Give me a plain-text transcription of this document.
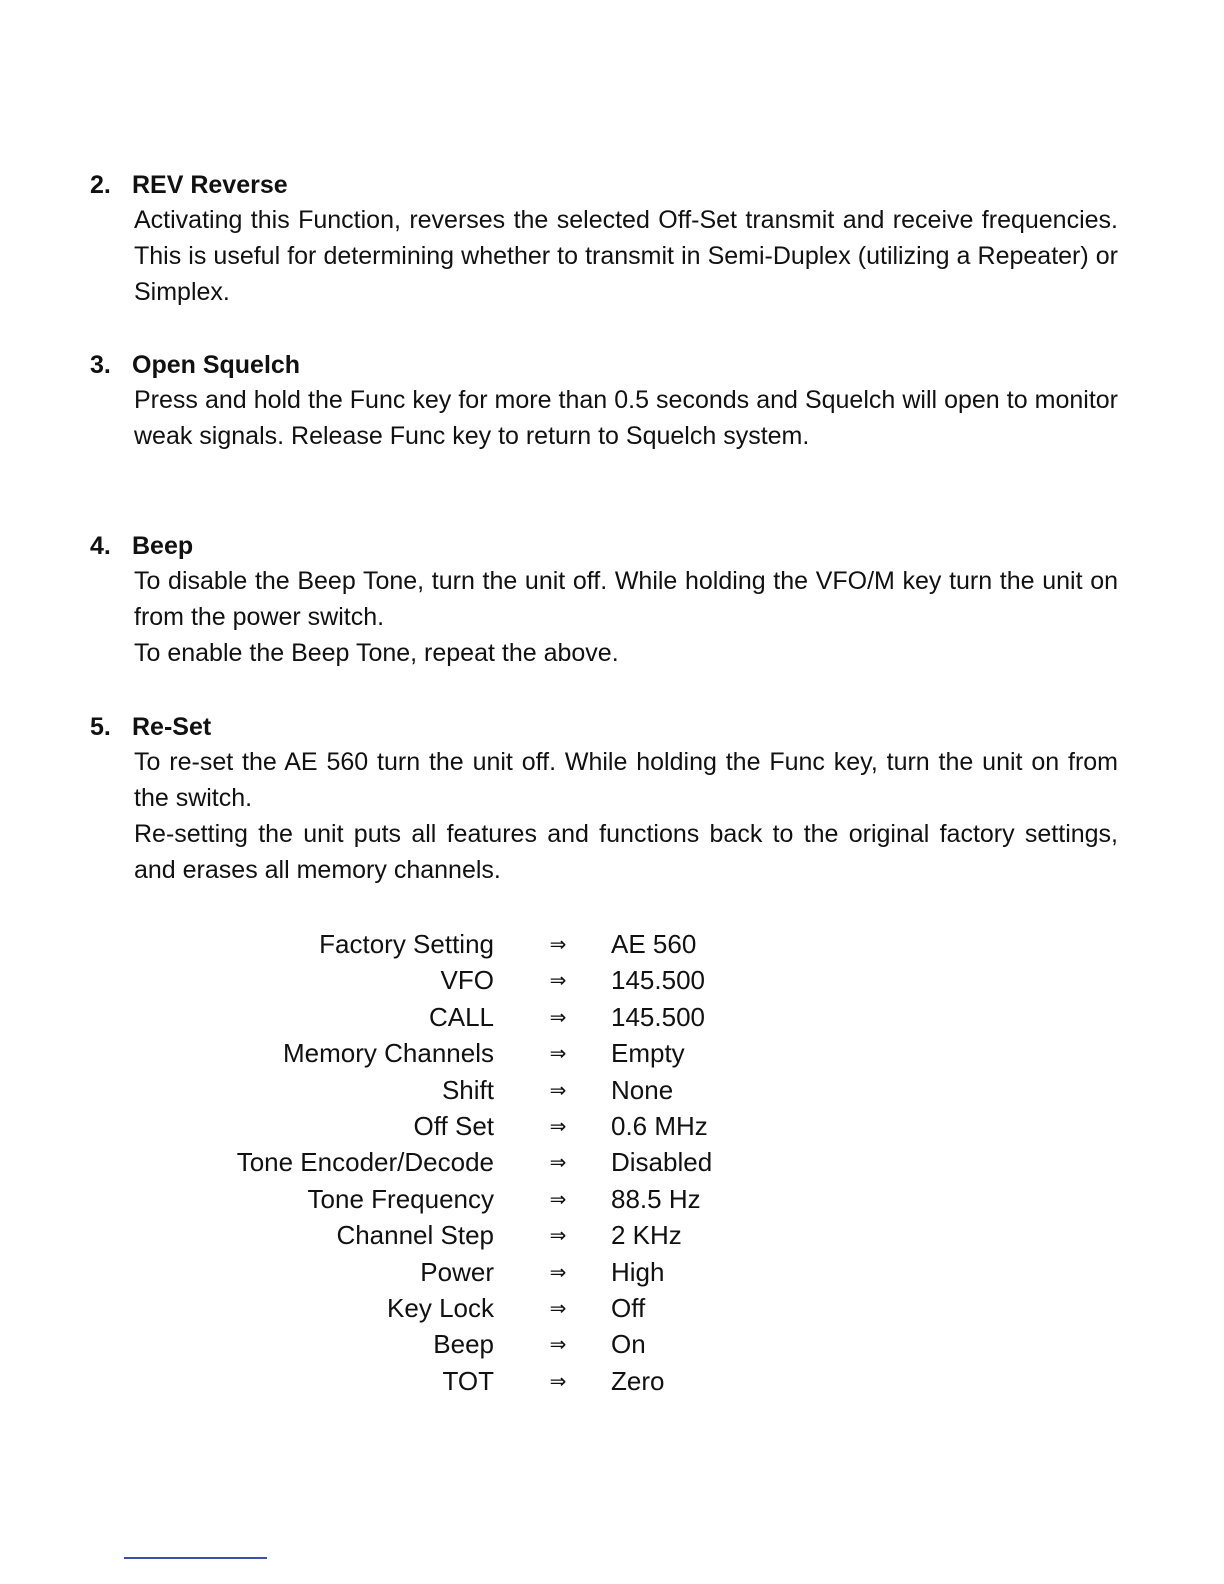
2. REV Reverse
Activating this Function, reverses the selected Off-Set transmit and receive frequencies. This is useful for determining whether to transmit in Semi-Duplex (utilizing a Repeater) or Simplex.
3. Open Squelch
Press and hold the Func key for more than 0.5 seconds and Squelch will open to monitor weak signals. Release Func key to return to Squelch system.
4. Beep
To disable the Beep Tone, turn the unit off. While holding the VFO/M key turn the unit on from the power switch.
To enable the Beep Tone, repeat the above.
5. Re-Set
To re-set the AE 560 turn the unit off. While holding the Func key, turn the unit on from the switch.
Re-setting the unit puts all features and functions back to the original factory settings, and erases all memory channels.
Factory Setting	⇒ AE 560
VFO	⇒ 145.500
CALL	⇒ 145.500
Memory Channels	⇒ Empty
Shift	⇒ None
Off Set	⇒ 0.6 MHz
Tone Encoder/Decode	⇒ Disabled
Tone Frequency	⇒ 88.5 Hz
Channel Step	⇒ 2 KHz
Power	⇒ High
Key Lock	⇒ Off
Beep	⇒ On
TOT	⇒ Zero
